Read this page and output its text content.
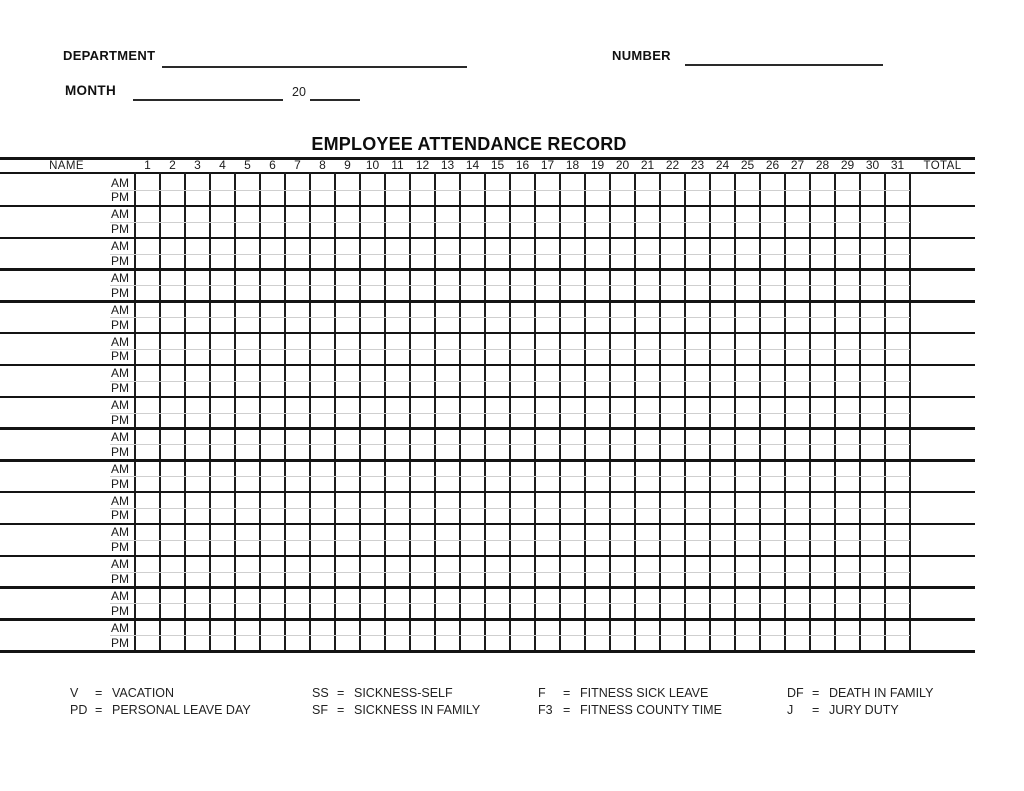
DEPARTMENT	NUMBER
MONTH	20
EMPLOYEE ATTENDANCE RECORD
NAME	1	2	3	4	5	6	7	8	9	10	11	12 13 14 15 16 17 18 19 20 21 22 23 24 25 26 27 28 29 30 31	TOTAL
AM
PM
AM
PM
AM
PM
AM
PM
AM
PM
AM
PM
AM
PM
AM
PM
AM
PM
AM
PM
AM
PM
AM
PM
AM
PM
AM
PM
AM
PM
V	= VACATION
PD = PERSONAL LEAVE DAY
SS = SICKNESS-SELF
SF = SICKNESS IN FAMILY
F	= FITNESS SICK LEAVE
F3 = FITNESS COUNTY TIME
DF = DEATH IN FAMILY
J	= JURY DUTY
